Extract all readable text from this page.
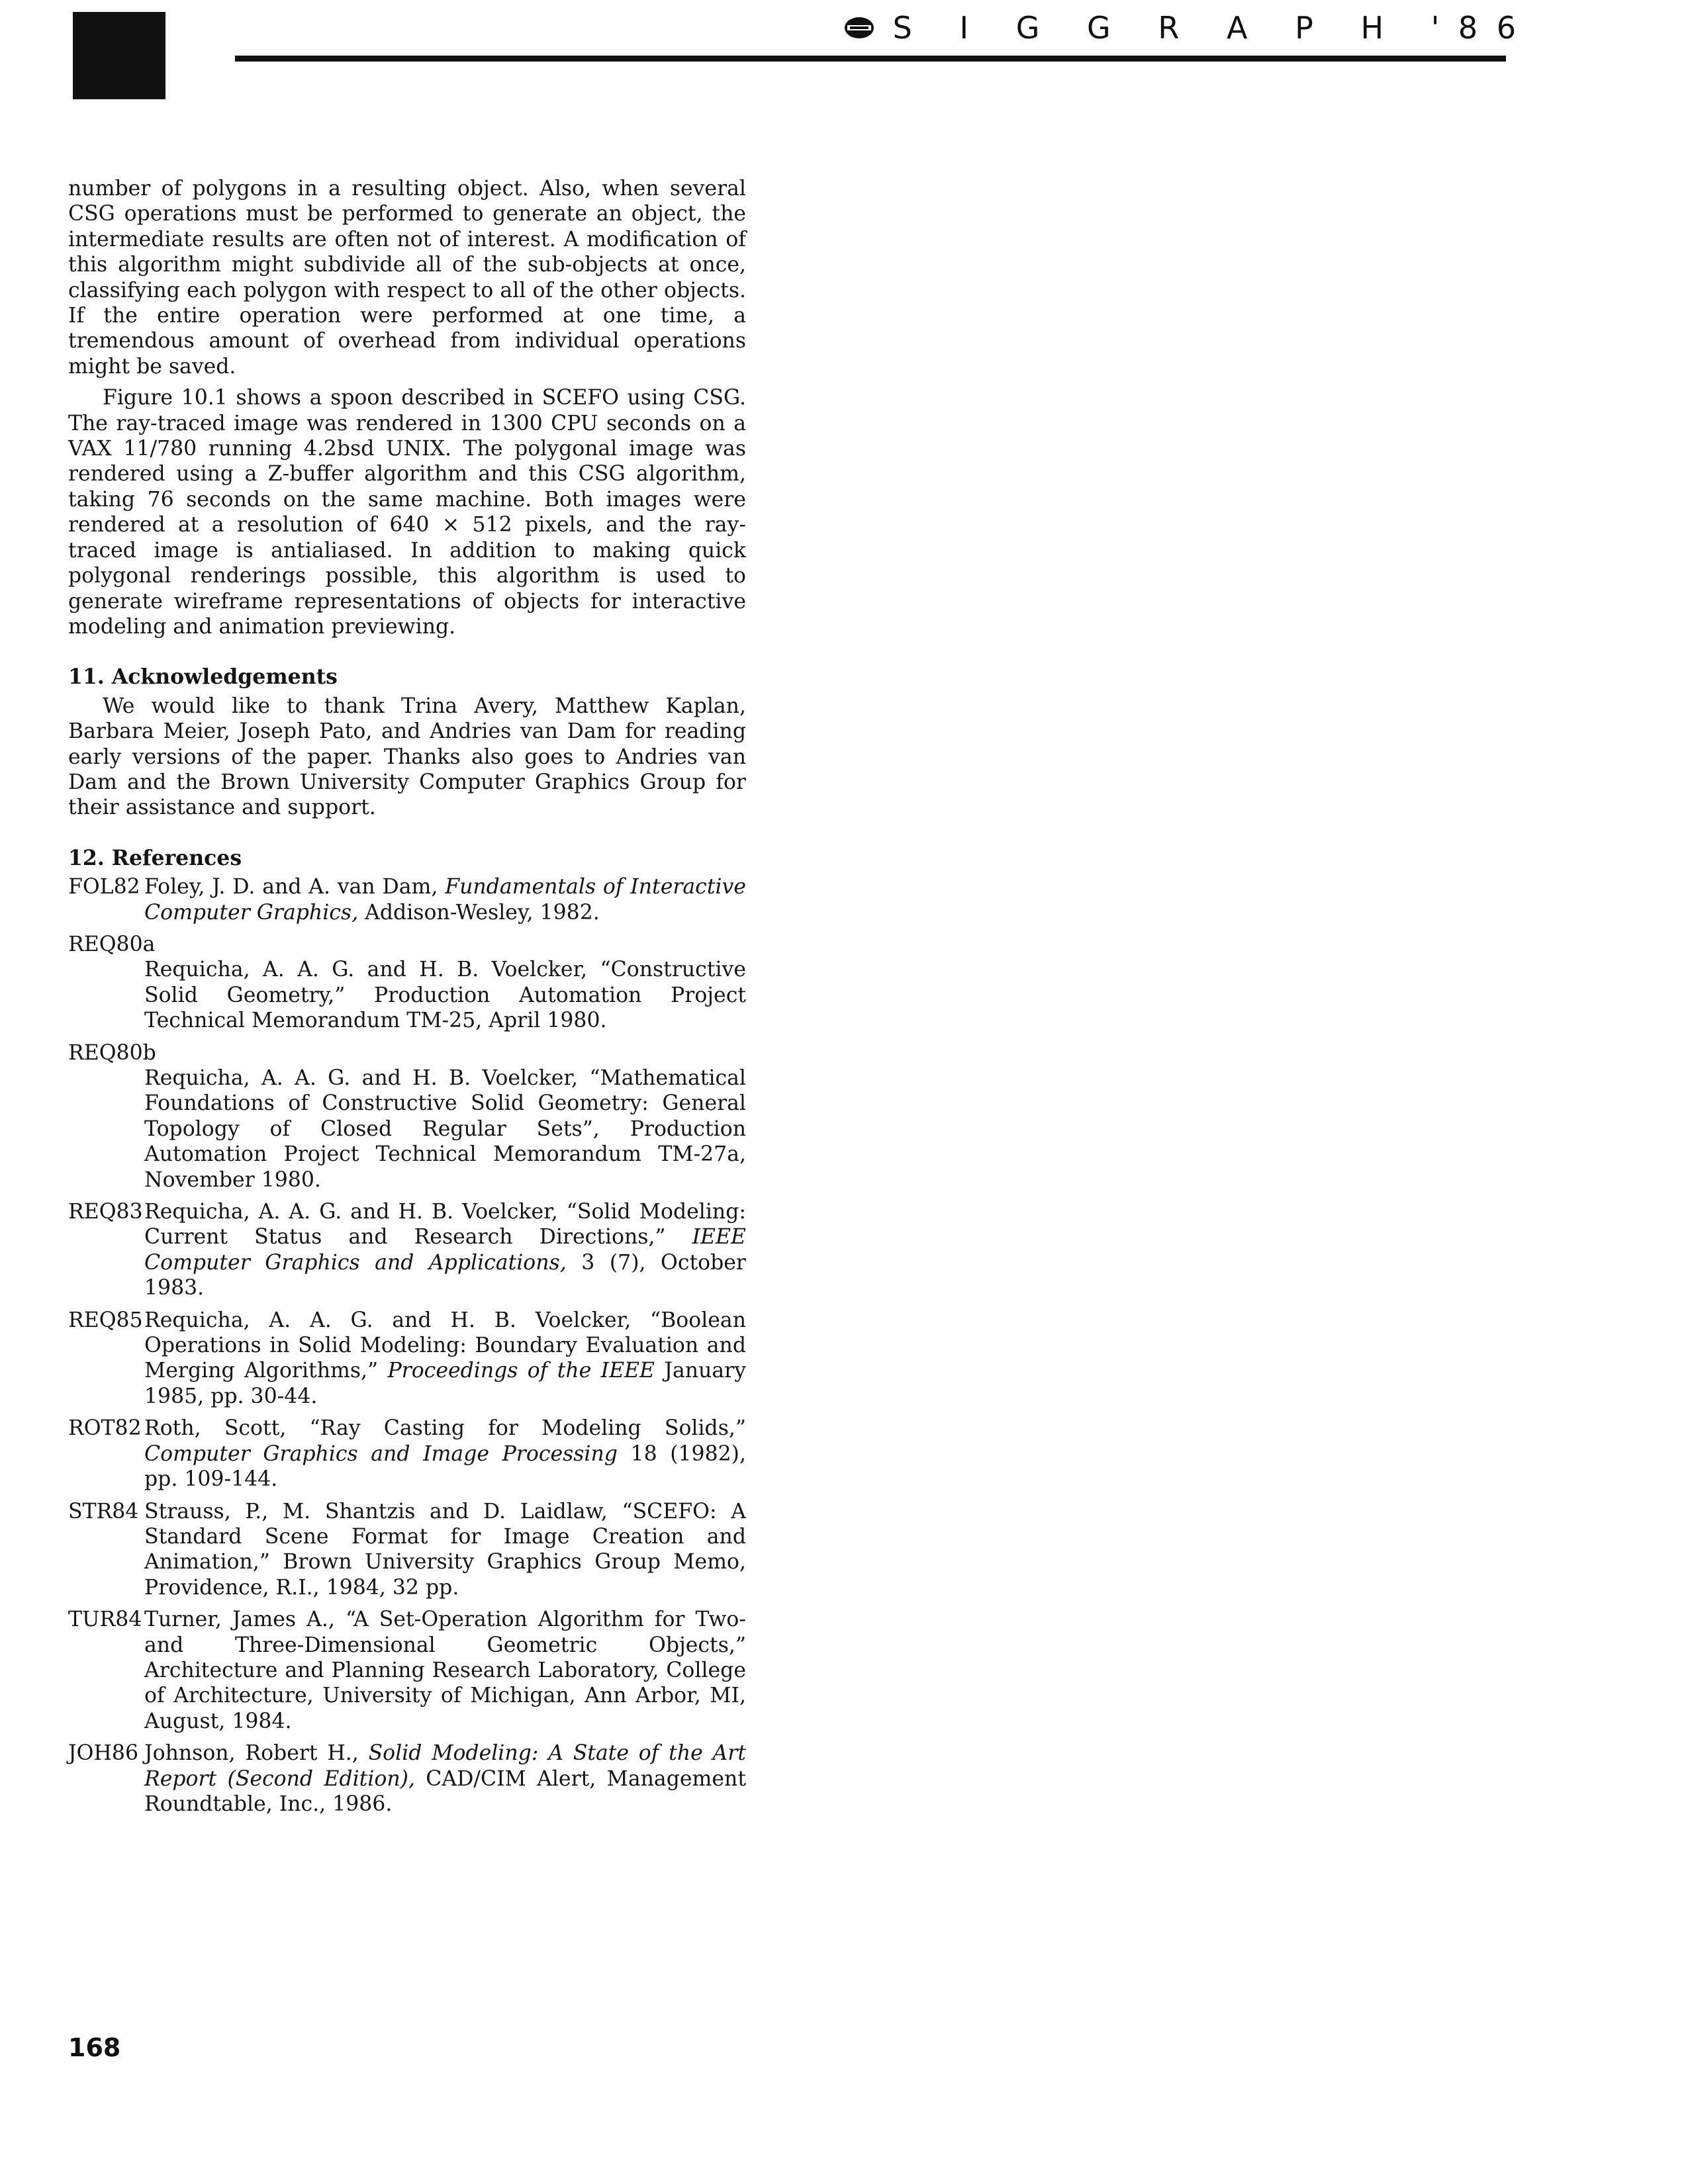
S I G G R A P H '86

number of polygons in a resulting object. Also, when several CSG operations must be performed to generate an object, the intermediate results are often not of interest. A modification of this algorithm might subdivide all of the sub-objects at once, classifying each polygon with respect to all of the other objects. If the entire operation were performed at one time, a tremendous amount of overhead from individual operations might be saved.

Figure 10.1 shows a spoon described in SCEFO using CSG. The ray-traced image was rendered in 1300 CPU seconds on a VAX 11/780 running 4.2bsd UNIX. The polygonal image was rendered using a Z-buffer algorithm and this CSG algorithm, taking 76 seconds on the same machine. Both images were rendered at a resolution of 640 × 512 pixels, and the ray-traced image is antialiased. In addition to making quick polygonal renderings possible, this algorithm is used to generate wireframe representations of objects for interactive modeling and animation previewing.

11. Acknowledgements

We would like to thank Trina Avery, Matthew Kaplan, Barbara Meier, Joseph Pato, and Andries van Dam for reading early versions of the paper. Thanks also goes to Andries van Dam and the Brown University Computer Graphics Group for their assistance and support.

12. References
FOL82 Foley, J. D. and A. van Dam, Fundamentals of Interactive Computer Graphics, Addison-Wesley, 1982.
REQ80a
Requicha, A. A. G. and H. B. Voelcker, “Constructive Solid Geometry,” Production Automation Project Technical Memorandum TM-25, April 1980.
REQ80b
Requicha, A. A. G. and H. B. Voelcker, “Mathematical Foundations of Constructive Solid Geometry: General Topology of Closed Regular Sets”, Production Automation Project Technical Memorandum TM-27a, November 1980.
REQ83 Requicha, A. A. G. and H. B. Voelcker, “Solid Modeling: Current Status and Research Directions,” IEEE Computer Graphics and Applications, 3 (7), October 1983.
REQ85 Requicha, A. A. G. and H. B. Voelcker, “Boolean Operations in Solid Modeling: Boundary Evaluation and Merging Algorithms,” Proceedings of the IEEE January 1985, pp. 30-44.
ROT82 Roth, Scott, “Ray Casting for Modeling Solids,” Computer Graphics and Image Processing 18 (1982), pp. 109-144.
STR84 Strauss, P., M. Shantzis and D. Laidlaw, “SCEFO: A Standard Scene Format for Image Creation and Animation,” Brown University Graphics Group Memo, Providence, R.I., 1984, 32 pp.
TUR84 Turner, James A., “A Set-Operation Algorithm for Two- and Three-Dimensional Geometric Objects,” Architecture and Planning Research Laboratory, College of Architecture, University of Michigan, Ann Arbor, MI, August, 1984.
JOH86 Johnson, Robert H., Solid Modeling: A State of the Art Report (Second Edition), CAD/CIM Alert, Management Roundtable, Inc., 1986.
168
